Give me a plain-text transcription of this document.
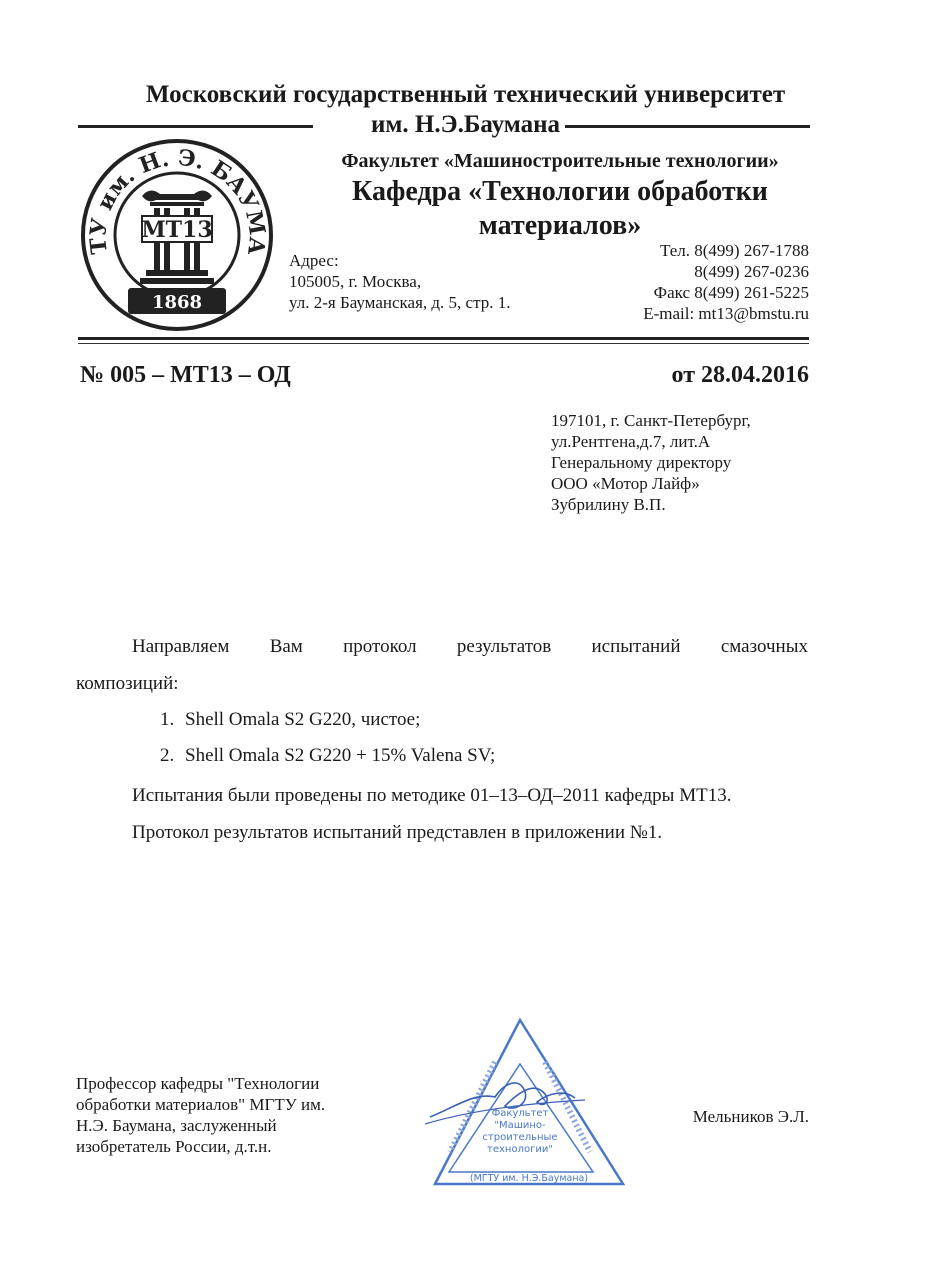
Московский государственный технический университет
им. Н.Э.Баумана
ТУ им. Н. Э. БАУМА
МТ13
1868
Факультет «Машиностроительные технологии»
Кафедра «Технологии обработки
материалов»
Адрес:
105005, г. Москва,
ул. 2-я Бауманская, д. 5, стр. 1.
Тел. 8(499) 267-1788
8(499) 267-0236
Факс 8(499) 261-5225
E-mail: mt13@bmstu.ru
№ 005 – МТ13 – ОД	от 28.04.2016
197101, г. Санкт-Петербург,
ул.Рентгена,д.7, лит.А
Генеральному директору
ООО «Мотор Лайф»
Зубрилину В.П.
Направляем Вам протокол результатов испытаний смазочных
композиций:
1. Shell Omala S2 G220, чистое;
2. Shell Omala S2 G220 + 15% Valena SV;
Испытания были проведены по методике 01–13–ОД–2011 кафедры МТ13.
Протокол результатов испытаний представлен в приложении №1.
Профессор кафедры "Технологии
обработки материалов" МГТУ им.
Н.Э. Баумана, заслуженный
изобретатель России, д.т.н.
Мельников Э.Л.
Факультет
"Машино-
строительные
технологии"
(МГТУ им. Н.Э.Баумана)
